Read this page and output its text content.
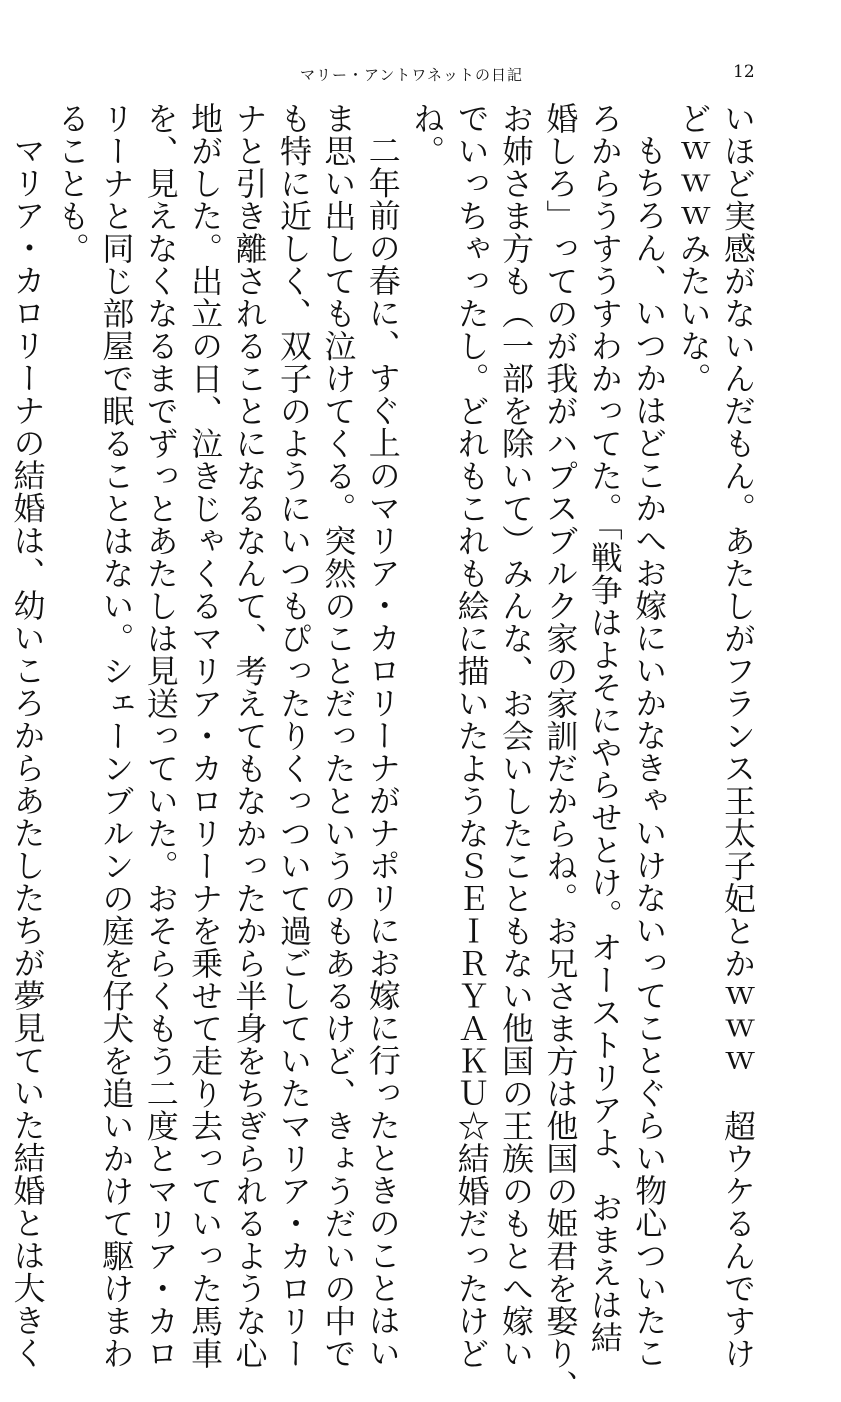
マリー・アントワネットの日記	12

いほど実感がないんだもん。あたしがフランス王太子妃とかｗｗｗ　超ウケるんですけ

どｗｗｗみたいな。

もちろん、いつかはどこかへお嫁にいかなきゃいけないってことぐらい物心ついたこ

ろからうすうすわかってた。「戦争はよそにやらせとけ。オーストリアよ、おまえは結

婚しろ」ってのが我がハプスブルク家の家訓だからね。お兄さま方は他国の姫君を娶り、

お姉さま方も（一部を除いて）みんな、お会いしたこともない他国の王族のもとへ嫁い

でいっちゃったし。どれもこれも絵に描いたようなＳＥＩＲＹＡＫＵ☆結婚だったけど

ね。

二年前の春に、すぐ上のマリア・カロリーナがナポリにお嫁に行ったときのことはい

ま思い出しても泣けてくる。突然のことだったというのもあるけど、きょうだいの中で

も特に近しく、双子のようにいつもぴったりくっついて過ごしていたマリア・カロリー

ナと引き離されることになるなんて、考えてもなかったから半身をちぎられるような心

地がした。出立の日、泣きじゃくるマリア・カロリーナを乗せて走り去っていった馬車

を、見えなくなるまでずっとあたしは見送っていた。おそらくもう二度とマリア・カロ

リーナと同じ部屋で眠ることはない。シェーンブルンの庭を仔犬を追いかけて駆けまわ

ることも。

マリア・カロリーナの結婚は、幼いころからあたしたちが夢見ていた結婚とは大きく
